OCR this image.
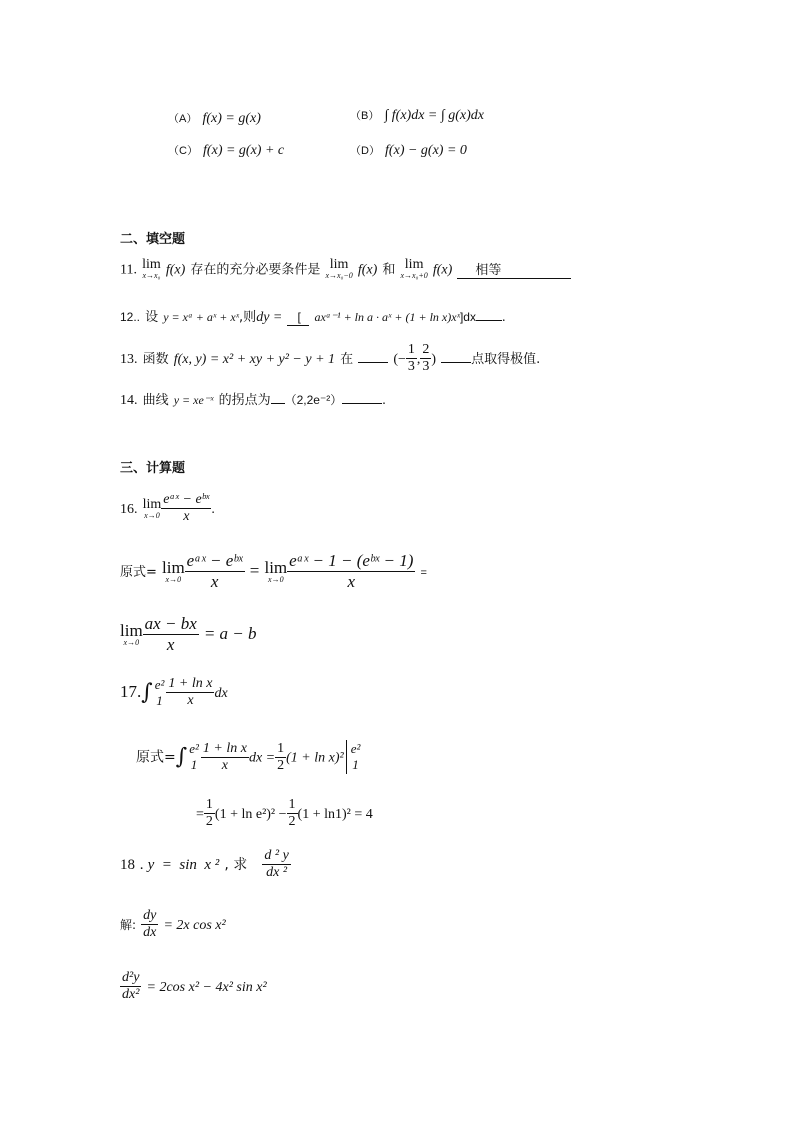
（A） f(x) = g(x)	（B） ∫ f(x)dx = ∫ g(x)dx
（C） f(x) = g(x) + c	（D） f(x) − g(x) = 0
二、填空题
11. lim
x→x₀ f(x) 存在的充分必要条件是 lim
x→x₀−0 f(x) 和 lim
x→x₀+0 f(x) 相等
12.. 设 y = xᵃ + aˣ + xˣ,则dy = [ axᵃ⁻¹ + ln a · aˣ + (1 + ln x)xˣ]dx .
13. 函数 f(x, y) = x² + xy + y² − y + 1 在	(− $\frac{1}{3}$ , $\frac{2}{3}$ )	点取得极值.
14. 曲线 y = xe⁻ˣ 的拐点为 （2,2e⁻²）	.
三、计算题
16. lim
$x\to 0 \frac{\text{eᵃˣ − eᵇˣ}}{x}$ .
原式= lim
$x\to 0 \frac{\text{eᵃˣ − eᵇˣ}}{x} = \lim$
$x\to 0 \frac{\text{eᵃˣ − 1 − (eᵇˣ − 1)}}{x}$ =
lim
$x\to 0 \frac{ax - bx}{x} = a - b$
17.∫ e²
$1 \frac{\text{1 + ln x}}{x}$ dx
原式=∫ e²
$1 \frac{\text{1 + ln x}}{x}$ dx = $\frac{1}{2} (1 + \ln x)^2$
e²
1
= $\frac{1}{2} (1 + \ln e^2)^2 - \frac{1}{2} (1 + \ln 1)^2 = 4$
18 . y  =  sin  x ² , 求 $\frac{\text{d ² y}}{\text{dx ²}}$
解: $\frac{dy}{dx} = 2x$ cos x²
$\frac{\text{d²y}}{\text{dx²}} = 2\cos$ x² − 4x² sin x²
